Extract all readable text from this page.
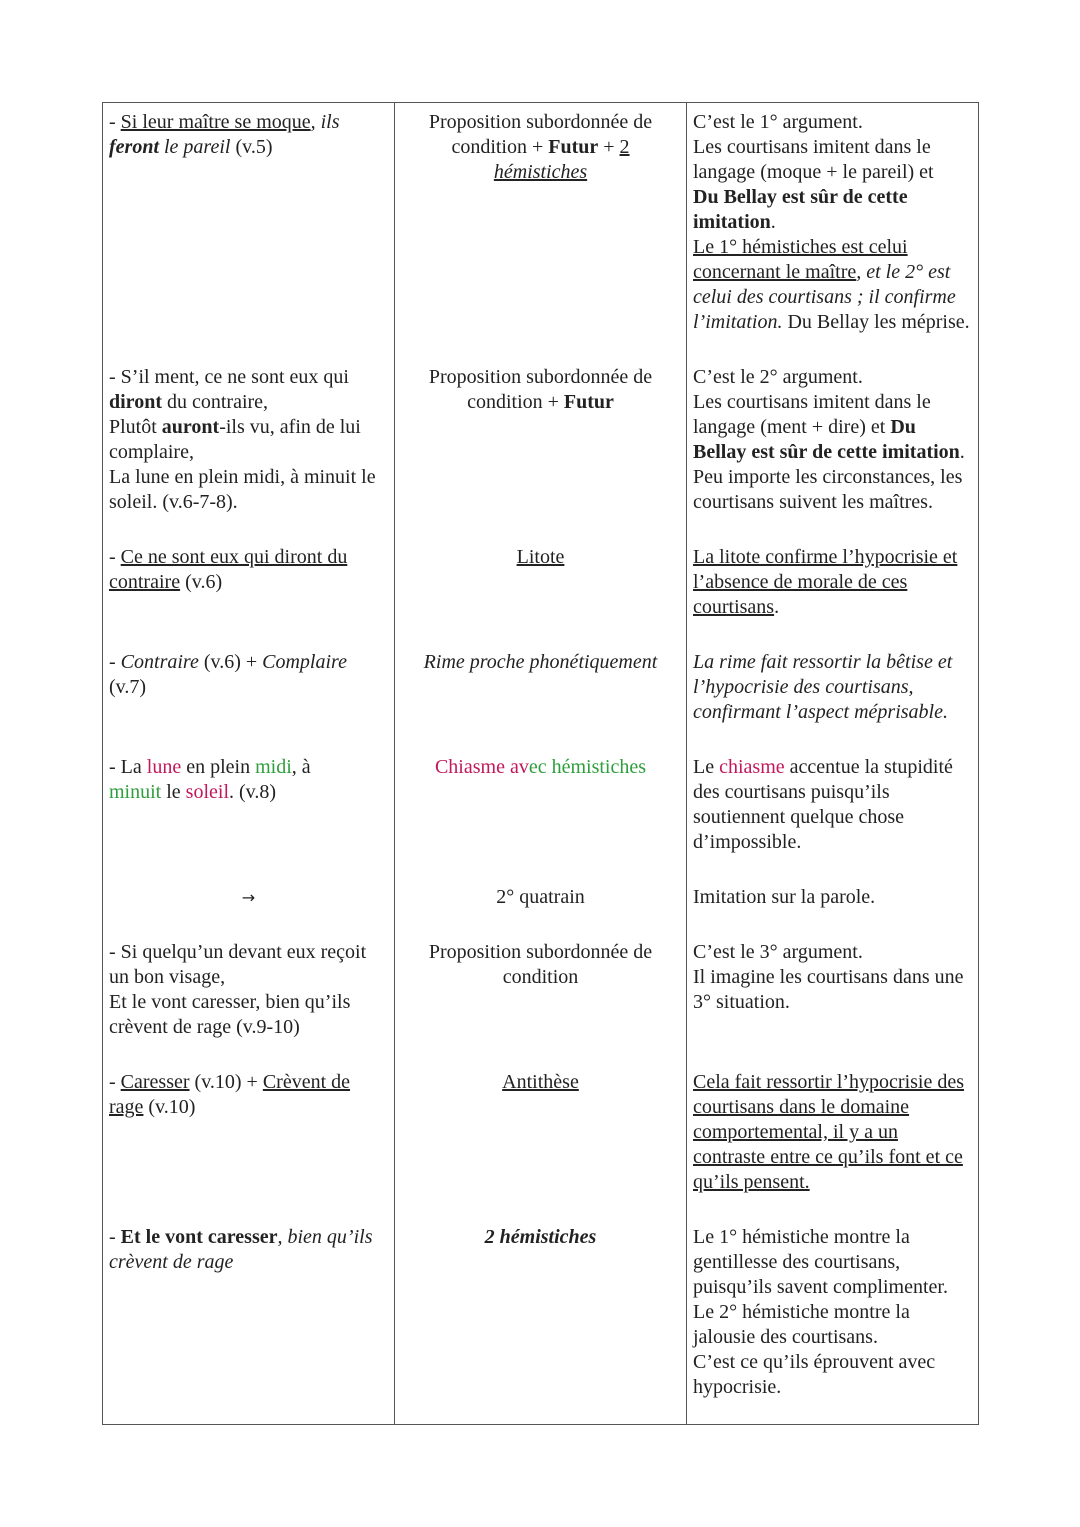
- Si leur maître se moque, ils
feront le pareil (v.5)	Proposition subordonnée de condition + Futur + 2
hémistiches	C’est le 1° argument.
Les courtisans imitent dans le langage (moque + le pareil) et
Du Bellay est sûr de cette imitation.
Le 1° hémistiches est celui concernant le maître, et le 2° est celui des courtisans ; il confirme l’imitation. Du Bellay les méprise.
- S’il ment, ce ne sont eux qui
diront du contraire,
Plutôt auront-ils vu, afin de lui complaire,
La lune en plein midi, à minuit le soleil. (v.6-7-8).	Proposition subordonnée de condition + Futur	C’est le 2° argument.
Les courtisans imitent dans le langage (ment + dire) et Du Bellay est sûr de cette imitation. Peu importe les circonstances, les courtisans suivent les maîtres.
- Ce ne sont eux qui diront du contraire (v.6)	Litote	La litote confirme l’hypocrisie et l’absence de morale de ces courtisans.
- Contraire (v.6) + Complaire (v.7)	Rime proche phonétiquement	La rime fait ressortir la bêtise et l’hypocrisie des courtisans, confirmant l’aspect méprisable.
- La lune en plein midi, à
minuit le soleil. (v.8)	Chiasme avec hémistiches	Le chiasme accentue la stupidité des courtisans puisqu’ils soutiennent quelque chose d’impossible.
→	2° quatrain	Imitation sur la parole.
- Si quelqu’un devant eux reçoit un bon visage,
Et le vont caresser, bien qu’ils crèvent de rage (v.9-10)	Proposition subordonnée de condition	C’est le 3° argument.
Il imagine les courtisans dans une 3° situation.
- Caresser (v.10) + Crèvent de rage (v.10)	Antithèse	Cela fait ressortir l’hypocrisie des courtisans dans le domaine comportemental, il y a un contraste entre ce qu’ils font et ce qu’ils pensent.
- Et le vont caresser, bien qu’ils crèvent de rage	2 hémistiches	Le 1° hémistiche montre la gentillesse des courtisans, puisqu’ils savent complimenter.
Le 2° hémistiche montre la jalousie des courtisans.
C’est ce qu’ils éprouvent avec hypocrisie.
